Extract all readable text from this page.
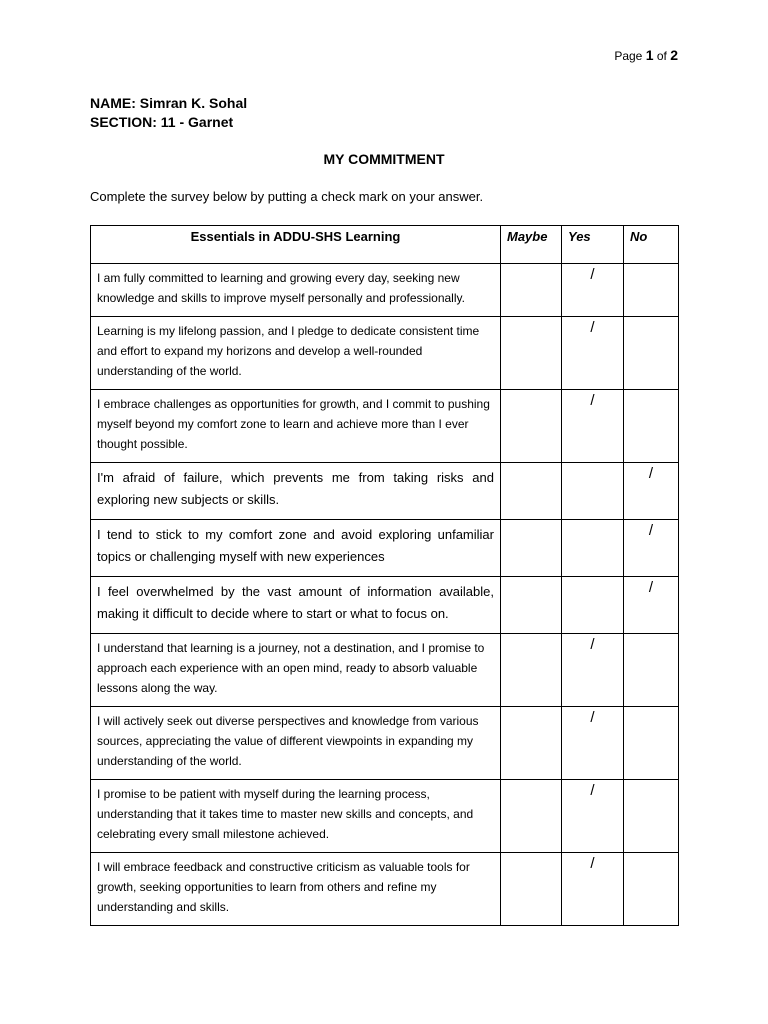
Page 1 of 2
NAME: Simran K. Sohal
SECTION: 11 - Garnet
MY COMMITMENT
Complete the survey below by putting a check mark on your answer.
Essentials in ADDU-SHS Learning	Maybe	Yes	No
I am fully committed to learning and growing every day, seeking new knowledge and skills to improve myself personally and professionally.		/	
Learning is my lifelong passion, and I pledge to dedicate consistent time and effort to expand my horizons and develop a well-rounded understanding of the world.		/	
I embrace challenges as opportunities for growth, and I commit to pushing myself beyond my comfort zone to learn and achieve more than I ever thought possible.		/	
I'm afraid of failure, which prevents me from taking risks and exploring new subjects or skills.			/
I tend to stick to my comfort zone and avoid exploring unfamiliar topics or challenging myself with new experiences			/
I feel overwhelmed by the vast amount of information available, making it difficult to decide where to start or what to focus on.			/
I understand that learning is a journey, not a destination, and I promise to approach each experience with an open mind, ready to absorb valuable lessons along the way.		/	
I will actively seek out diverse perspectives and knowledge from various sources, appreciating the value of different viewpoints in expanding my understanding of the world.		/	
I promise to be patient with myself during the learning process, understanding that it takes time to master new skills and concepts, and celebrating every small milestone achieved.		/	
I will embrace feedback and constructive criticism as valuable tools for growth, seeking opportunities to learn from others and refine my understanding and skills.		/	
